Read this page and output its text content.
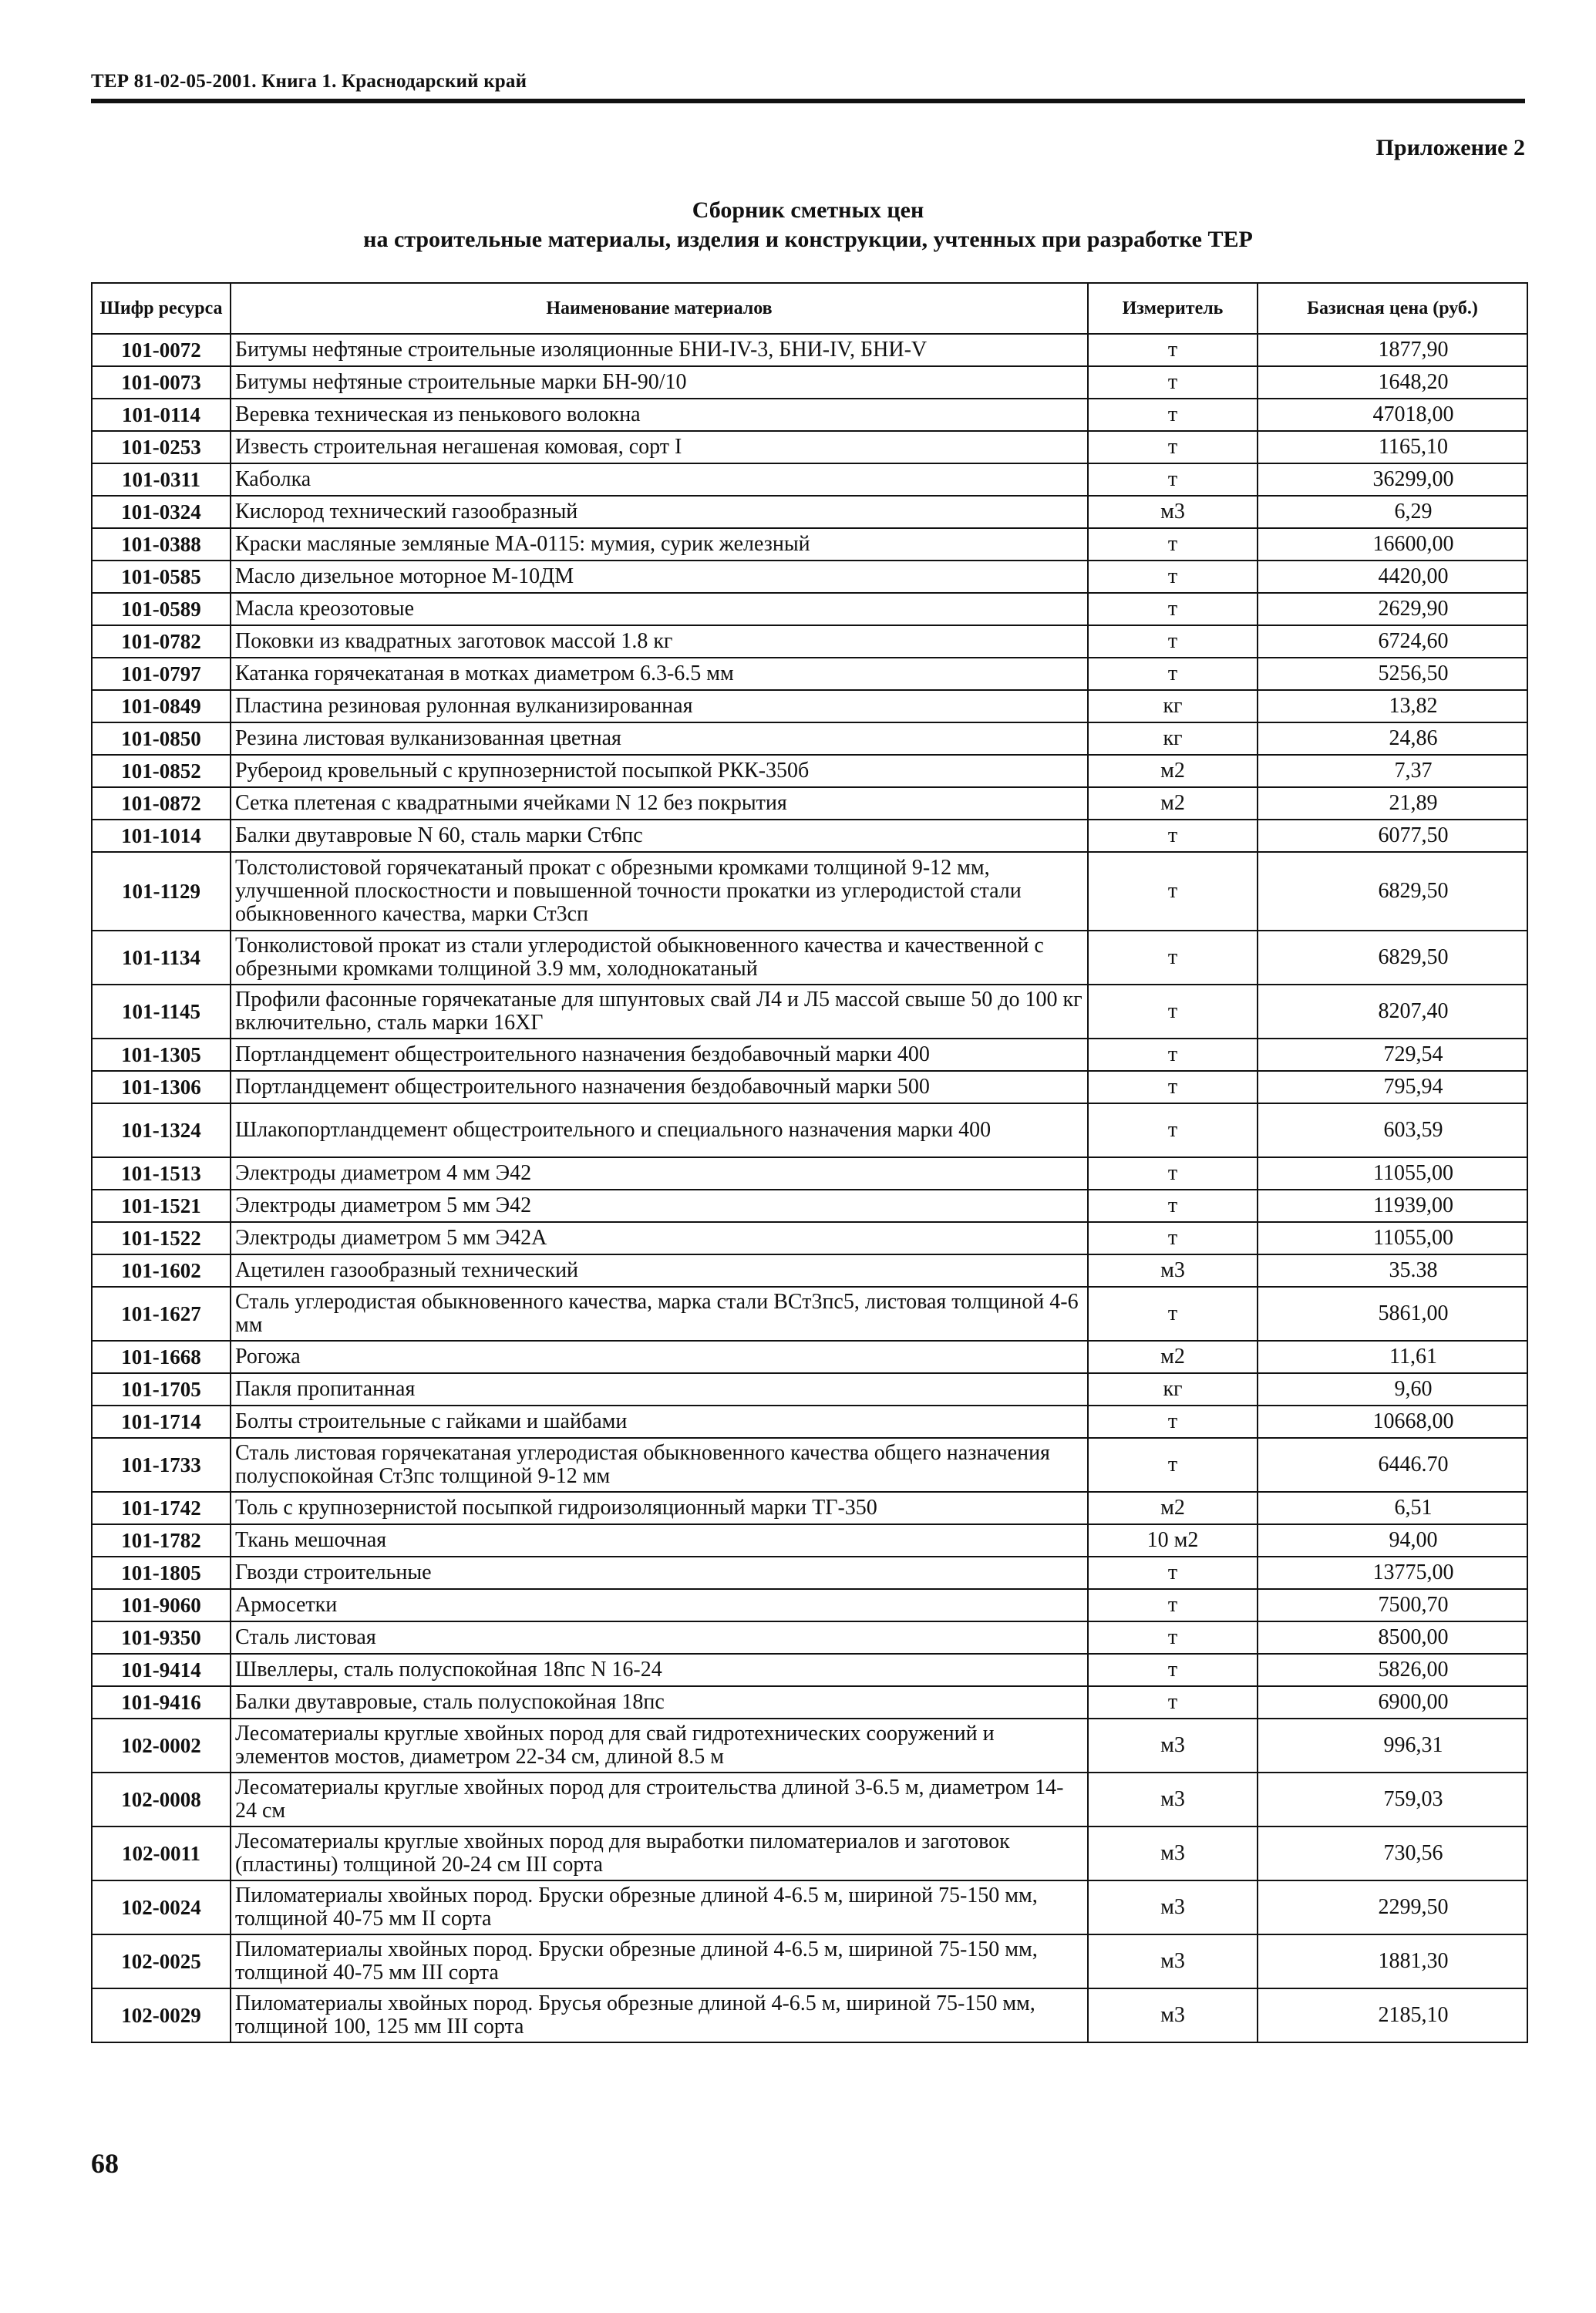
ТЕР 81-02-05-2001. Книга 1. Краснодарский край
Приложение 2
Сборник сметных цен
на строительные материалы, изделия и конструкции, учтенных при разработке ТЕР
Шифр ресурса	Наименование материалов	Измеритель	Базисная цена (руб.)
101-0072	Битумы нефтяные строительные изоляционные БНИ-IV-3, БНИ-IV, БНИ-V	т	1877,90
101-0073	Битумы нефтяные строительные марки БН-90/10	т	1648,20
101-0114	Веревка техническая из пенькового волокна	т	47018,00
101-0253	Известь строительная негашеная комовая, сорт I	т	1165,10
101-0311	Каболка	т	36299,00
101-0324	Кислород технический газообразный	м3	6,29
101-0388	Краски масляные земляные МА-0115: мумия, сурик железный	т	16600,00
101-0585	Масло дизельное моторное М-10ДМ	т	4420,00
101-0589	Масла креозотовые	т	2629,90
101-0782	Поковки из квадратных заготовок массой 1.8 кг	т	6724,60
101-0797	Катанка горячекатаная в мотках диаметром 6.3-6.5 мм	т	5256,50
101-0849	Пластина резиновая рулонная вулканизированная	кг	13,82
101-0850	Резина листовая вулканизованная цветная	кг	24,86
101-0852	Рубероид кровельный с крупнозернистой посыпкой РКК-350б	м2	7,37
101-0872	Сетка плетеная с квадратными ячейками N 12 без покрытия	м2	21,89
101-1014	Балки двутавровые N 60, сталь марки Ст6пс	т	6077,50
101-1129	Толстолистовой горячекатаный прокат с обрезными кромками толщиной 9-12 мм, улучшенной плоскостности и повышенной точности прокатки из углеродистой стали обыкновенного качества, марки Ст3сп	т	6829,50
101-1134	Тонколистовой прокат из стали углеродистой обыкновенного качества и качественной с обрезными кромками толщиной 3.9 мм, холоднокатаный	т	6829,50
101-1145	Профили фасонные горячекатаные для шпунтовых свай Л4 и Л5 массой свыше 50 до 100 кг включительно, сталь марки 16ХГ	т	8207,40
101-1305	Портландцемент общестроительного назначения бездобавочный марки 400	т	729,54
101-1306	Портландцемент общестроительного назначения бездобавочный марки 500	т	795,94
101-1324	Шлакопортландцемент общестроительного и специального назначения марки 400	т	603,59
101-1513	Электроды диаметром 4 мм Э42	т	11055,00
101-1521	Электроды диаметром 5 мм Э42	т	11939,00
101-1522	Электроды диаметром 5 мм Э42А	т	11055,00
101-1602	Ацетилен газообразный технический	м3	35.38
101-1627	Сталь углеродистая обыкновенного качества, марка стали ВСт3пс5, листовая толщиной 4-6 мм	т	5861,00
101-1668	Рогожа	м2	11,61
101-1705	Пакля пропитанная	кг	9,60
101-1714	Болты строительные с гайками и шайбами	т	10668,00
101-1733	Сталь листовая горячекатаная углеродистая обыкновенного качества общего назначения полуспокойная Ст3пс толщиной 9-12 мм	т	6446.70
101-1742	Толь с крупнозернистой посыпкой гидроизоляционный марки ТГ-350	м2	6,51
101-1782	Ткань мешочная	10 м2	94,00
101-1805	Гвозди строительные	т	13775,00
101-9060	Армосетки	т	7500,70
101-9350	Сталь листовая	т	8500,00
101-9414	Швеллеры, сталь полуспокойная 18пс N 16-24	т	5826,00
101-9416	Балки двутавровые, сталь полуспокойная 18пс	т	6900,00
102-0002	Лесоматериалы круглые хвойных пород для свай гидротехнических сооружений и элементов мостов, диаметром 22-34 см, длиной 8.5 м	м3	996,31
102-0008	Лесоматериалы круглые хвойных пород для строительства длиной 3-6.5 м, диаметром 14-24 см	м3	759,03
102-0011	Лесоматериалы круглые хвойных пород для выработки пиломатериалов и заготовок (пластины) толщиной 20-24 см III сорта	м3	730,56
102-0024	Пиломатериалы хвойных пород. Бруски обрезные длиной 4-6.5 м, шириной 75-150 мм, толщиной 40-75 мм II сорта	м3	2299,50
102-0025	Пиломатериалы хвойных пород. Бруски обрезные длиной 4-6.5 м, шириной 75-150 мм, толщиной 40-75 мм III сорта	м3	1881,30
102-0029	Пиломатериалы хвойных пород. Брусья обрезные длиной 4-6.5 м, шириной 75-150 мм, толщиной 100, 125 мм III сорта	м3	2185,10
68
